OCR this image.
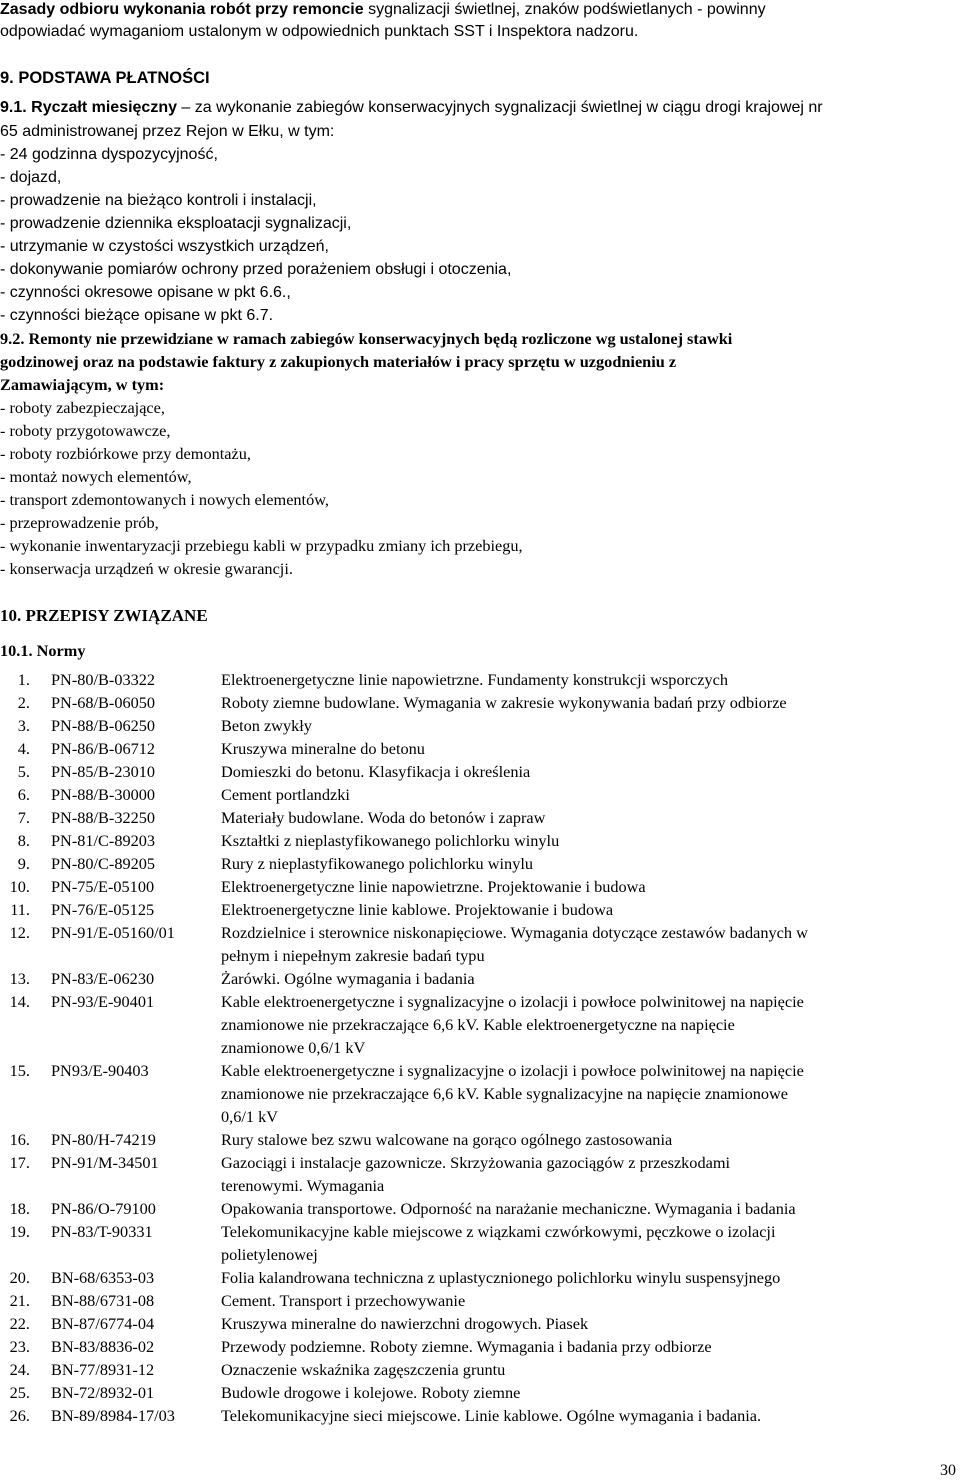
Zasady odbioru wykonania robót przy remoncie sygnalizacji świetlnej, znaków podświetlanych - powinny
odpowiadać wymaganiom ustalonym w odpowiednich punktach SST i Inspektora nadzoru.
9. PODSTAWA PŁATNOŚCI
9.1. Ryczałt miesięczny – za wykonanie zabiegów konserwacyjnych sygnalizacji świetlnej w ciągu drogi krajowej nr
65 administrowanej przez Rejon w Ełku, w tym:
- 24 godzinna dyspozycyjność,
- dojazd,
- prowadzenie na bieżąco kontroli i instalacji,
- prowadzenie dziennika eksploatacji sygnalizacji,
- utrzymanie w czystości wszystkich urządzeń,
- dokonywanie pomiarów ochrony przed porażeniem obsługi i otoczenia,
- czynności okresowe opisane w pkt 6.6.,
- czynności bieżące opisane w pkt 6.7.
9.2. Remonty nie przewidziane w ramach zabiegów konserwacyjnych będą rozliczone wg ustalonej stawki
godzinowej oraz na podstawie faktury z zakupionych materiałów i pracy sprzętu w uzgodnieniu z
Zamawiającym, w tym:
- roboty zabezpieczające,
- roboty przygotowawcze,
- roboty rozbiórkowe przy demontażu,
- montaż nowych elementów,
- transport zdemontowanych i nowych elementów,
- przeprowadzenie prób,
- wykonanie inwentaryzacji przebiegu kabli w przypadku zmiany ich przebiegu,
- konserwacja urządzeń w okresie gwarancji.
10. PRZEPISY ZWIĄZANE
10.1. Normy
1. PN-80/B-03322	Elektroenergetyczne linie napowietrzne. Fundamenty konstrukcji wsporczych
2. PN-68/B-06050	Roboty ziemne budowlane. Wymagania w zakresie wykonywania badań przy odbiorze
3. PN-88/B-06250	Beton zwykły
4. PN-86/B-06712	Kruszywa mineralne do betonu
5. PN-85/B-23010	Domieszki do betonu. Klasyfikacja i określenia
6. PN-88/B-30000	Cement portlandzki
7. PN-88/B-32250	Materiały budowlane. Woda do betonów i zapraw
8. PN-81/C-89203	Kształtki z nieplastyfikowanego polichlorku winylu
9. PN-80/C-89205	Rury z nieplastyfikowanego polichlorku winylu
10. PN-75/E-05100	Elektroenergetyczne linie napowietrzne. Projektowanie i budowa
11. PN-76/E-05125	Elektroenergetyczne linie kablowe. Projektowanie i budowa
12. PN-91/E-05160/01	Rozdzielnice i sterownice niskonapięciowe. Wymagania dotyczące zestawów badanych w
pełnym i niepełnym zakresie badań typu
13. PN-83/E-06230	Żarówki. Ogólne wymagania i badania
14. PN-93/E-90401	Kable elektroenergetyczne i sygnalizacyjne o izolacji i powłoce polwinitowej na napięcie
znamionowe nie przekraczające 6,6 kV. Kable elektroenergetyczne na napięcie
znamionowe 0,6/1 kV
15. PN93/E-90403	Kable elektroenergetyczne i sygnalizacyjne o izolacji i powłoce polwinitowej na napięcie
znamionowe nie przekraczające 6,6 kV. Kable sygnalizacyjne na napięcie znamionowe
0,6/1 kV
16. PN-80/H-74219	Rury stalowe bez szwu walcowane na gorąco ogólnego zastosowania
17. PN-91/M-34501	Gazociągi i instalacje gazownicze. Skrzyżowania gazociągów z przeszkodami
terenowymi. Wymagania
18. PN-86/O-79100	Opakowania transportowe. Odporność na narażanie mechaniczne. Wymagania i badania
19. PN-83/T-90331	Telekomunikacyjne kable miejscowe z wiązkami czwórkowymi, pęczkowe o izolacji
polietylenowej
20. BN-68/6353-03	Folia kalandrowana techniczna z uplastycznionego polichlorku winylu suspensyjnego
21. BN-88/6731-08	Cement. Transport i przechowywanie
22. BN-87/6774-04	Kruszywa mineralne do nawierzchni drogowych. Piasek
23. BN-83/8836-02	Przewody podziemne. Roboty ziemne. Wymagania i badania przy odbiorze
24. BN-77/8931-12	Oznaczenie wskaźnika zagęszczenia gruntu
25. BN-72/8932-01	Budowle drogowe i kolejowe. Roboty ziemne
26. BN-89/8984-17/03	Telekomunikacyjne sieci miejscowe. Linie kablowe. Ogólne wymagania i badania.
30
